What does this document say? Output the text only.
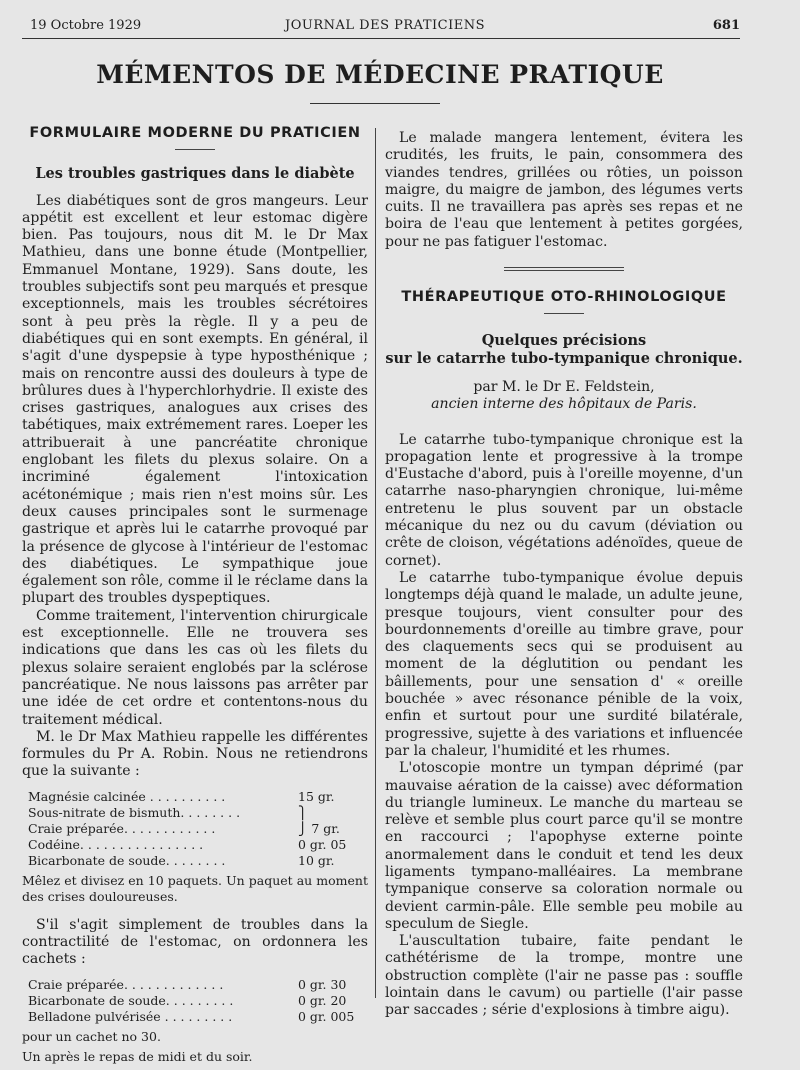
19 Octobre 1929	JOURNAL DES PRATICIENS	681
MÉMENTOS DE MÉDECINE PRATIQUE
FORMULAIRE MODERNE DU PRATICIEN
Les troubles gastriques dans le diabète

Les diabétiques sont de gros mangeurs. Leur appétit est excellent et leur estomac digère bien. Pas toujours, nous dit M. le Dr Max Mathieu, dans une bonne étude (Montpellier, Emmanuel Montane, 1929). Sans doute, les troubles subjectifs sont peu marqués et presque exceptionnels, mais les troubles sécrétoires sont à peu près la règle. Il y a peu de diabétiques qui en sont exempts. En général, il s'agit d'une dyspepsie à type hyposthénique ; mais on rencontre aussi des douleurs à type de brûlures dues à l'hyperchlorhydrie. Il existe des crises gastriques, analogues aux crises des tabétiques, maix extrémement rares. Loeper les attribuerait à une pancréatite chronique englobant les filets du plexus solaire. On a incriminé également l'intoxication acétonémique ; mais rien n'est moins sûr. Les deux causes principales sont le surmenage gastrique et après lui le catarrhe provoqué par la présence de glycose à l'intérieur de l'estomac des diabétiques. Le sympathique joue également son rôle, comme il le réclame dans la plupart des troubles dyspeptiques.

Comme traitement, l'intervention chirurgicale est exceptionnelle. Elle ne trouvera ses indications que dans les cas où les filets du plexus solaire seraient englobés par la sclérose pancréatique. Ne nous laissons pas arrêter par une idée de cet ordre et contentons-nous du traitement médical.

M. le Dr Max Mathieu rappelle les différentes formules du Pr A. Robin. Nous ne retiendrons que la suivante :

Magnésie calcinée . . . . . . . . . .	15 gr.
Sous-nitrate de bismuth. . . . . . . .	⎫
Craie préparée. . . . . . . . . . . .	⎭ 7 gr.
Codéine. . . . . . . . . . . . . . . .	0 gr. 05
Bicarbonate de soude. . . . . . . .	10 gr.
Mêlez et divisez en 10 paquets. Un paquet au moment des crises douloureuses.

S'il s'agit simplement de troubles dans la contractilité de l'estomac, on ordonnera les cachets :

Craie préparée. . . . . . . . . . . . .	0 gr. 30
Bicarbonate de soude. . . . . . . . .	0 gr. 20
Belladone pulvérisée . . . . . . . . .	0 gr. 005
pour un cachet no 30.
Un après le repas de midi et du soir.

Le malade mangera lentement, évitera les crudités, les fruits, le pain, consommera des viandes tendres, grillées ou rôties, un poisson maigre, du maigre de jambon, des légumes verts cuits. Il ne travaillera pas après ses repas et ne boira de l'eau que lentement à petites gorgées, pour ne pas fatiguer l'estomac.

THÉRAPEUTIQUE OTO-RHINOLOGIQUE
Quelques précisions
sur le catarrhe tubo-tympanique chronique.

par M. le Dr E. Feldstein,

ancien interne des hôpitaux de Paris.

Le catarrhe tubo-tympanique chronique est la propagation lente et progressive à la trompe d'Eustache d'abord, puis à l'oreille moyenne, d'un catarrhe naso-pharyngien chronique, lui-même entretenu le plus souvent par un obstacle mécanique du nez ou du cavum (déviation ou crête de cloison, végétations adénoïdes, queue de cornet).

Le catarrhe tubo-tympanique évolue depuis longtemps déjà quand le malade, un adulte jeune, presque toujours, vient consulter pour des bourdonnements d'oreille au timbre grave, pour des claquements secs qui se produisent au moment de la déglutition ou pendant les bâillements, pour une sensation d' « oreille bouchée » avec résonance pénible de la voix, enfin et surtout pour une surdité bilatérale, progressive, sujette à des variations et influencée par la chaleur, l'humidité et les rhumes.

L'otoscopie montre un tympan déprimé (par mauvaise aération de la caisse) avec déformation du triangle lumineux. Le manche du marteau se relève et semble plus court parce qu'il se montre en raccourci ; l'apophyse externe pointe anormalement dans le conduit et tend les deux ligaments tympano-malléaires. La membrane tympanique conserve sa coloration normale ou devient carmin-pâle. Elle semble peu mobile au speculum de Siegle.

L'auscultation tubaire, faite pendant le cathétérisme de la trompe, montre une obstruction complète (l'air ne passe pas : souffle lointain dans le cavum) ou partielle (l'air passe par saccades ; série d'explosions à timbre aigu).
